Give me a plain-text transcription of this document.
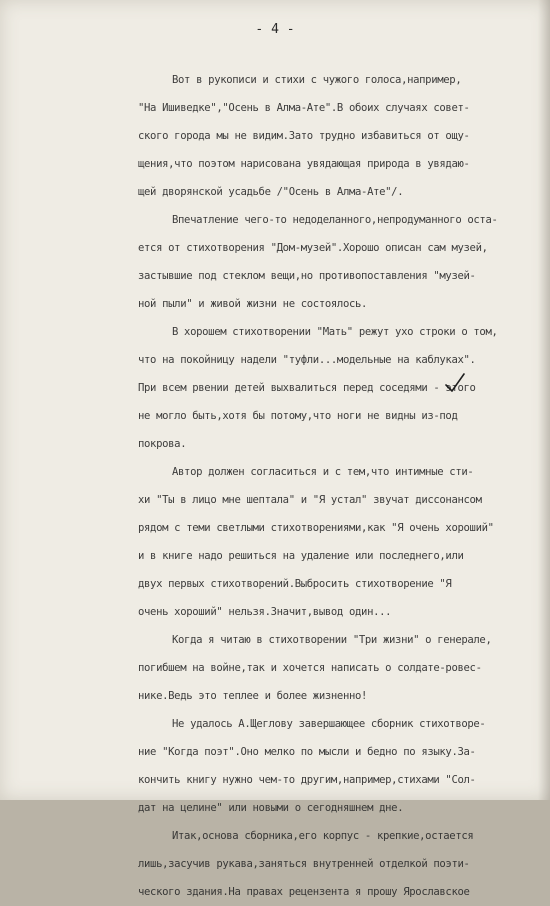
- 4 -
Вот в рукописи и стихи с чужого голоса,например,
"На Ишиведке","Осень в Алма-Ате".В обоих случаях совет-
ского города мы не видим.Зато трудно избавиться от ощу-
щения,что поэтом нарисована увядающая природа в увядаю-
щей дворянской усадьбе /"Осень в Алма-Ате"/.
Впечатление чего-то недоделанного,непродуманного оста-
ется от стихотворения "Дом-музей".Хорошо описан сам музей,
застывшие под стеклом вещи,но противопоставления "музей-
ной пыли" и живой жизни не состоялось.
В хорошем стихотворении "Мать" режут ухо строки о том,
что на покойницу надели "туфли...модельные на каблуках".
При всем рвении детей выхвалиться перед соседями - этого
не могло быть,хотя бы потому,что ноги не видны из-под
покрова.
Автор должен согласиться и с тем,что интимные сти-
хи "Ты в лицо мне шептала" и "Я устал" звучат диссонансом
рядом с теми светлыми стихотворениями,как "Я очень хороший"
и в книге надо решиться на удаление или последнего,или
двух первых стихотворений.Выбросить стихотворение "Я
очень хороший" нельзя.Значит,вывод один...
Когда я читаю в стихотворении "Три жизни" о генерале,
погибшем на войне,так и хочется написать о солдате-ровес-
нике.Ведь это теплее и более жизненно!
Не удалось А.Щеглову завершающее сборник стихотворе-
ние "Когда поэт".Оно мелко по мысли и бедно по языку.За-
кончить книгу нужно чем-то другим,например,стихами "Сол-
дат на целине" или новыми о сегодняшнем дне.
Итак,основа сборника,его корпус - крепкие,остается
лишь,засучив рукава,заняться внутренней отделкой поэти-
ческого здания.На правах рецензента я прошу Ярославское
